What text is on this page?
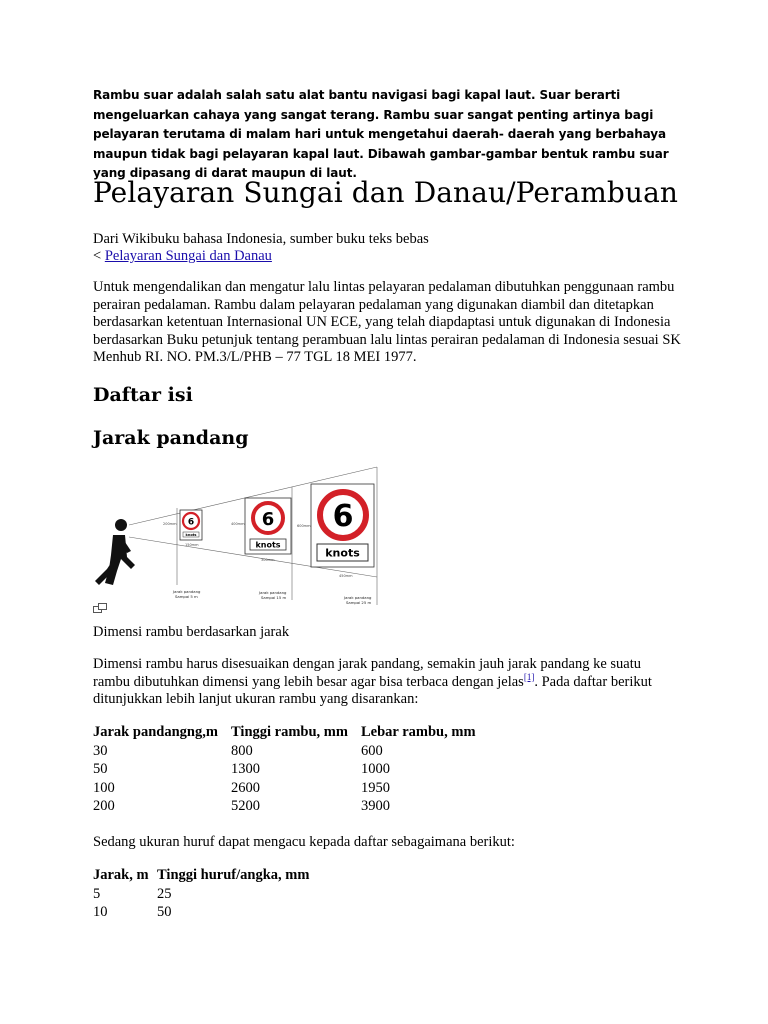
Rambu suar adalah salah satu alat bantu navigasi bagi kapal laut. Suar berarti mengeluarkan cahaya yang sangat terang. Rambu suar sangat penting artinya bagi pelayaran terutama di malam hari untuk mengetahui daerah- daerah yang berbahaya maupun tidak bagi pelayaran kapal laut. Dibawah gambar-gambar bentuk rambu suar yang dipasang di darat maupun di laut.

Pelayaran Sungai dan Danau/Perambuan

Dari Wikibuku bahasa Indonesia, sumber buku teks bebas

< Pelayaran Sungai dan Danau

Untuk mengendalikan dan mengatur lalu lintas pelayaran pedalaman dibutuhkan penggunaan rambu perairan pedalaman. Rambu dalam pelayaran pedalaman yang digunakan diambil dan ditetapkan berdasarkan ketentuan Internasional UN ECE, yang telah diapdaptasi untuk digunakan di Indonesia berdasarkan Buku petunjuk tentang perambuan lalu lintas perairan pedalaman di Indonesia sesuai SK Menhub RI. NO. PM.3/L/PHB – 77 TGL 18 MEI 1977.

Daftar isi
Jarak pandang
6
knots
6
knots
6
knots
200mm
150mm
400mm
300mm
600mm
450mm
Jarak pandang
Sampai 5 m
Jarak pandang
Sampai 15 m	Jarak pandang
Sampai 25 m

Dimensi rambu berdasarkan jarak

Dimensi rambu harus disesuaikan dengan jarak pandang, semakin jauh jarak pandang ke suatu rambu dibutuhkan dimensi yang lebih besar agar bisa terbaca dengan jelas[1]. Pada daftar berikut ditunjukkan lebih lanjut ukuran rambu yang disarankan:

Jarak pandangng,m	Tinggi rambu, mm	Lebar rambu, mm
30	800	600
50	1300	1000
100	2600	1950
200	5200	3900

Sedang ukuran huruf dapat mengacu kepada daftar sebagaimana berikut:

Jarak, m	Tinggi huruf/angka, mm
5	25
10	50
